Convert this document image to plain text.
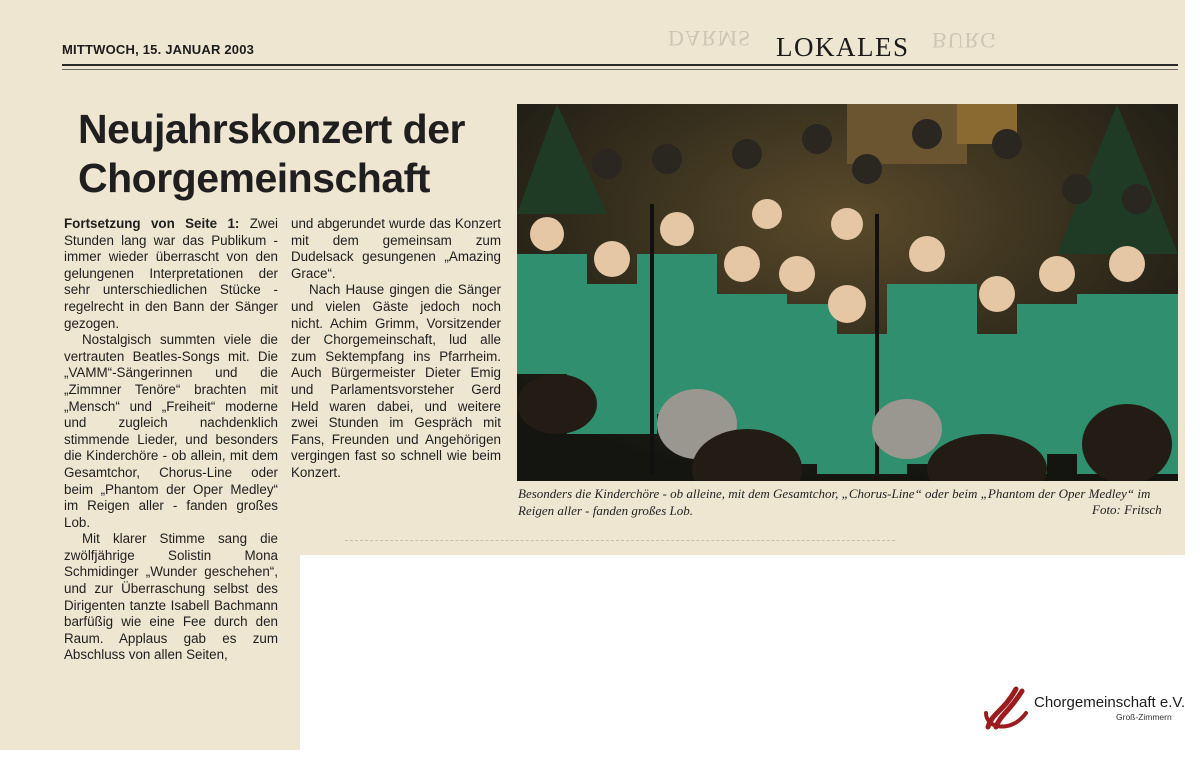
DARMS	BURG
MITTWOCH, 15. JANUAR 2003	LOKALES
Neujahrskonzert der
Chorgemeinschaft

Fortsetzung von Seite 1: Zwei Stunden lang war das Publikum - immer wieder überrascht von den gelungenen Interpretationen der sehr unterschiedlichen Stücke - regelrecht in den Bann der Sänger gezogen.

Nostalgisch summten viele die vertrauten Beatles-Songs mit. Die „VAMM“-Sängerinnen und die „Zimmner Tenöre“ brachten mit „Mensch“ und „Freiheit“ moderne und zugleich nachdenklich stimmende Lieder, und besonders die Kinderchöre - ob allein, mit dem Gesamtchor, Chorus-Line oder beim „Phantom der Oper Medley“ im Reigen aller - fanden großes Lob.

Mit klarer Stimme sang die zwölfjährige Solistin Mona Schmidinger „Wunder geschehen“, und zur Überraschung selbst des Dirigenten tanzte Isabell Bachmann barfüßig wie eine Fee durch den Raum. Applaus gab es zum Abschluss von allen Seiten,

und abgerundet wurde das Konzert mit dem gemeinsam zum Dudelsack gesungenen „Amazing Grace“.

Nach Hause gingen die Sänger und vielen Gäste jedoch noch nicht. Achim Grimm, Vorsitzender der Chorgemeinschaft, lud alle zum Sektempfang ins Pfarrheim. Auch Bürgermeister Dieter Emig und Parlamentsvorsteher Gerd Held waren dabei, und weitere zwei Stunden im Gespräch mit Fans, Freunden und Angehörigen vergingen fast so schnell wie beim Konzert.

Besonders die Kinderchöre - ob alleine, mit dem Gesamtchor, „Chorus-Line“ oder beim „Phantom der Oper Medley“ im Reigen aller - fanden großes Lob.	Foto: Fritsch
Chorgemeinschaft e.V.
Groß-Zimmern
